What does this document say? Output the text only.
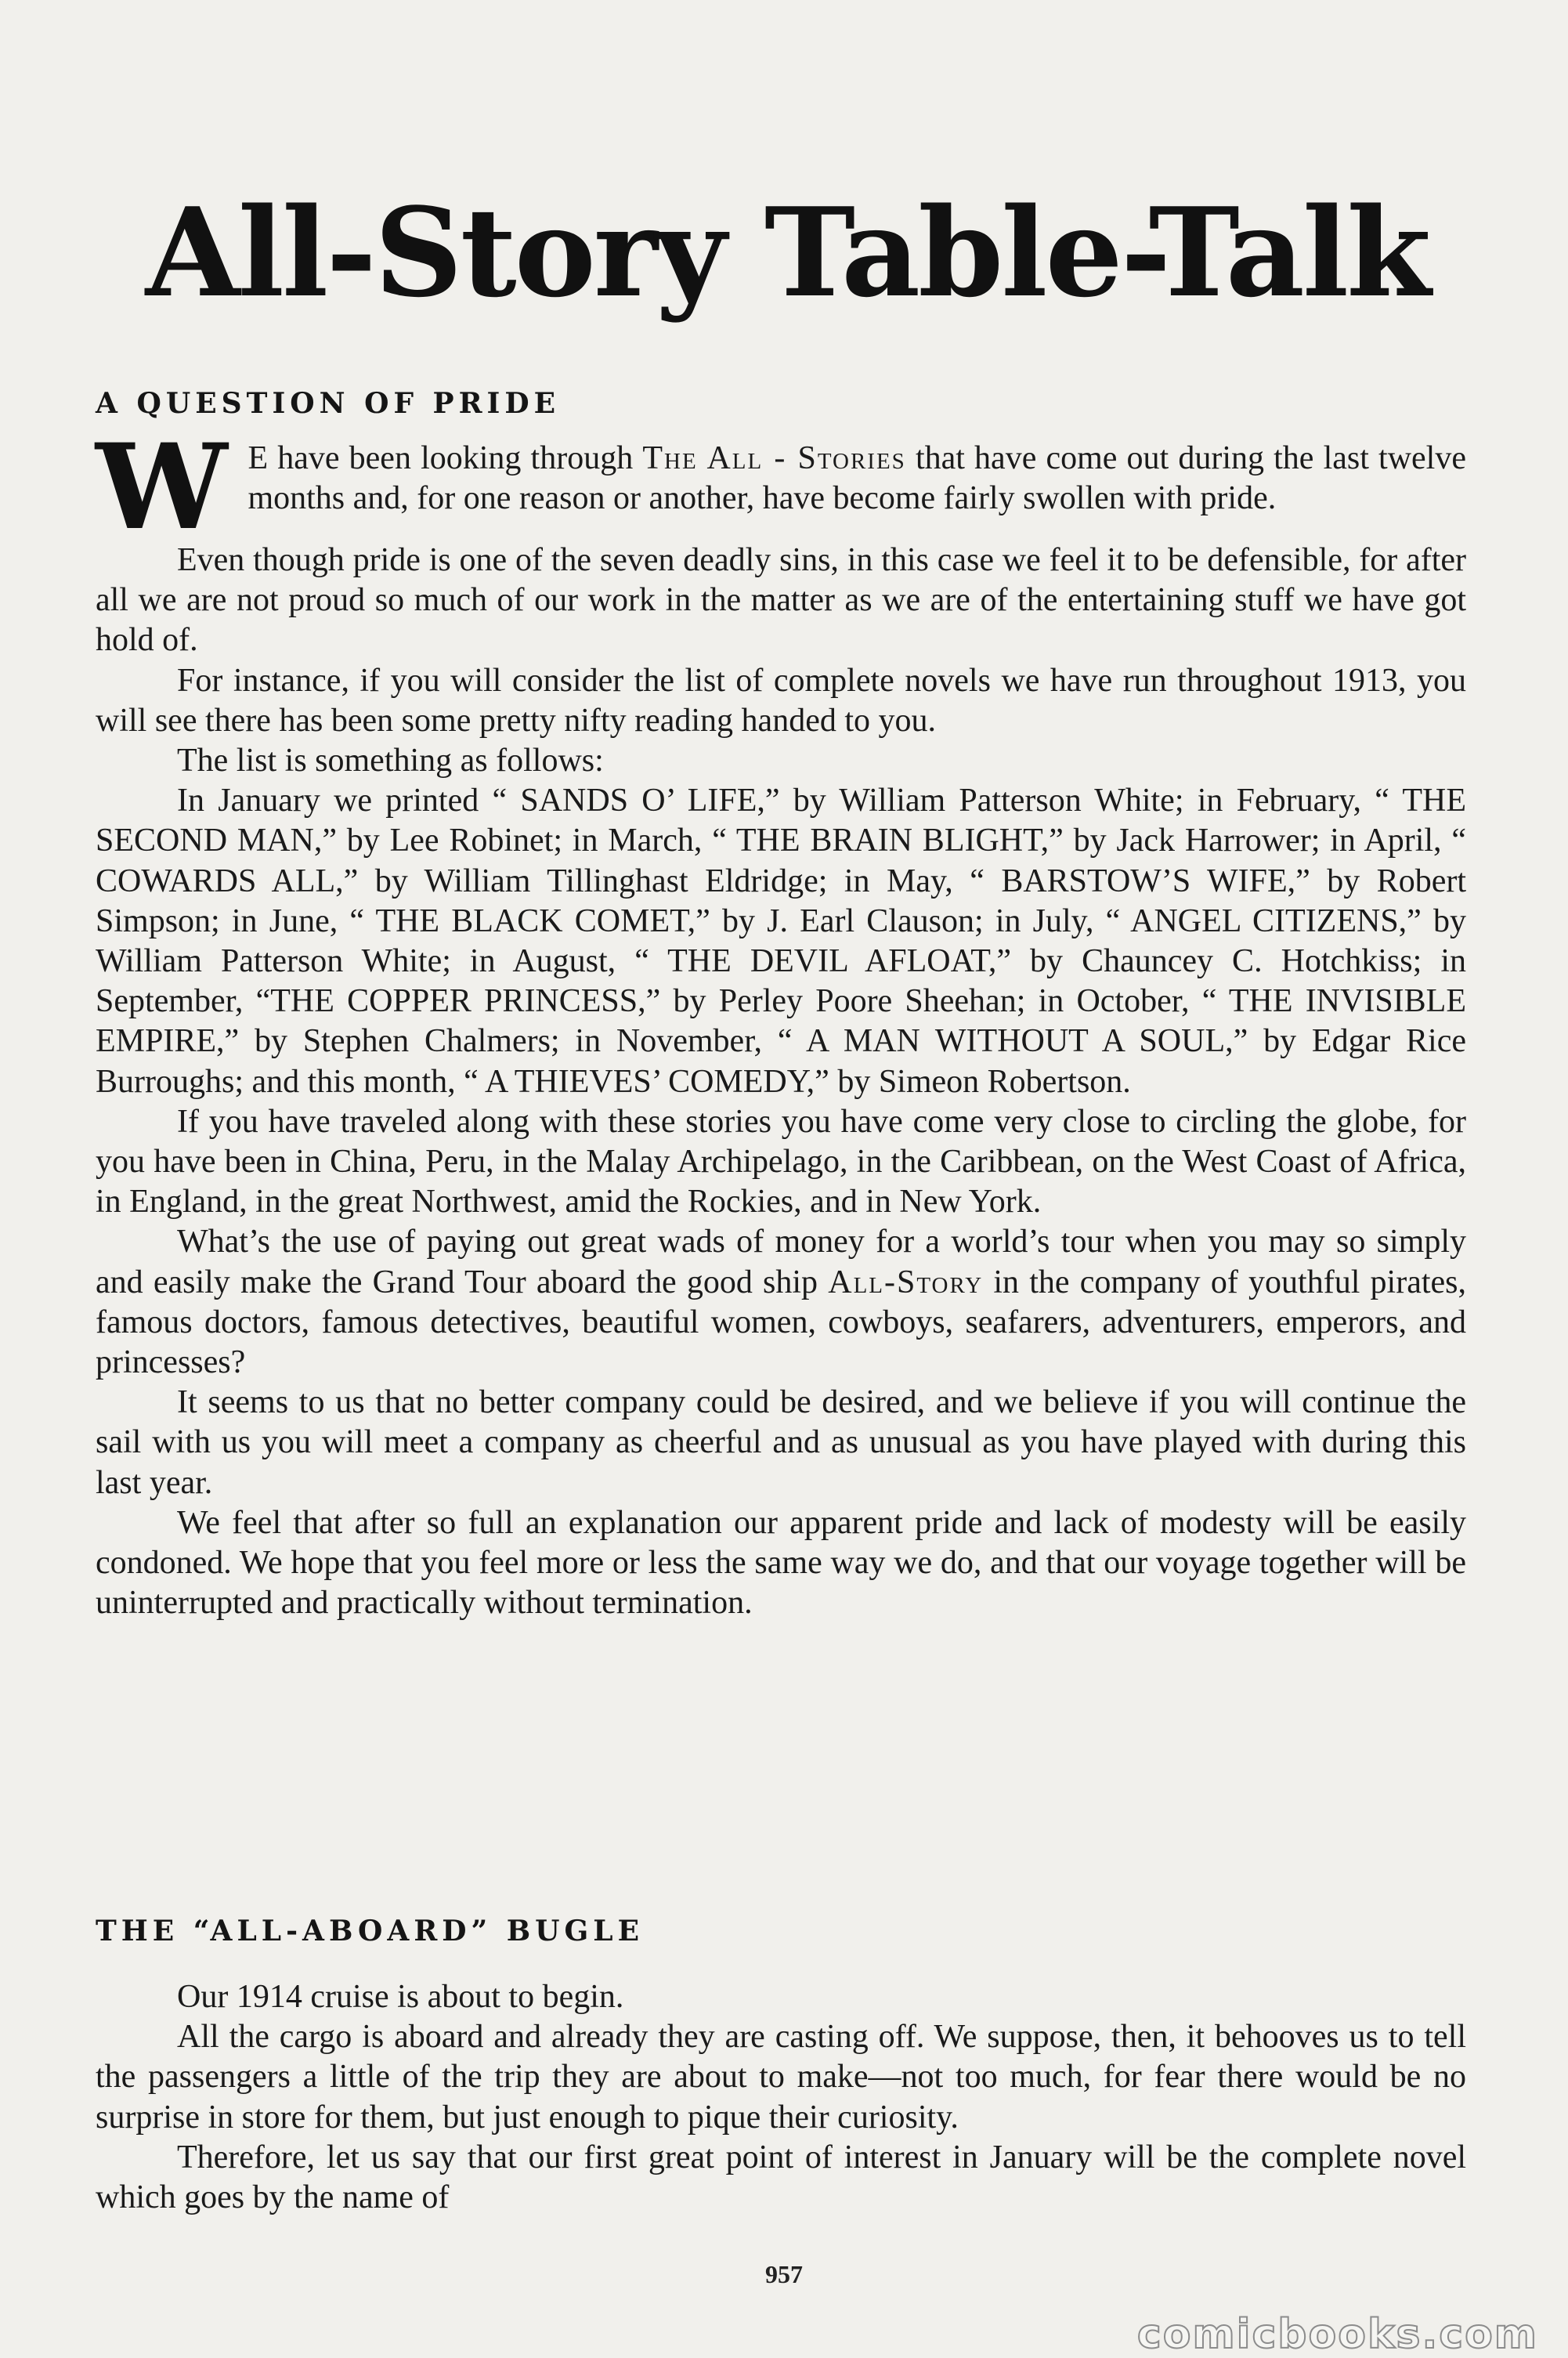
All-Story Table-Talk
A QUESTION OF PRIDE

W E have been looking through The All - Stories that have come out during the last twelve months and, for one reason or another, have become fairly swollen with pride.

Even though pride is one of the seven deadly sins, in this case we feel it to be defensible, for after all we are not proud so much of our work in the matter as we are of the entertaining stuff we have got hold of.

For instance, if you will consider the list of complete novels we have run throughout 1913, you will see there has been some pretty nifty reading handed to you.

The list is something as follows:

In January we printed “ SANDS O’ LIFE,” by William Patterson White; in February, “ THE SECOND MAN,” by Lee Robinet; in March, “ THE BRAIN BLIGHT,” by Jack Harrower; in April, “ COWARDS ALL,” by William Tillinghast Eldridge; in May, “ BARSTOW’S WIFE,” by Robert Simpson; in June, “ THE BLACK COMET,” by J. Earl Clauson; in July, “ ANGEL CITIZENS,” by William Patterson White; in August, “ THE DEVIL AFLOAT,” by Chauncey C. Hotchkiss; in September, “THE COPPER PRINCESS,” by Perley Poore Sheehan; in October, “ THE INVISIBLE EMPIRE,” by Stephen Chalmers; in November, “ A MAN WITHOUT A SOUL,” by Edgar Rice Burroughs; and this month, “ A THIEVES’ COMEDY,” by Simeon Robertson.

If you have traveled along with these stories you have come very close to circling the globe, for you have been in China, Peru, in the Malay Archipelago, in the Caribbean, on the West Coast of Africa, in England, in the great Northwest, amid the Rockies, and in New York.

What’s the use of paying out great wads of money for a world’s tour when you may so simply and easily make the Grand Tour aboard the good ship All-Story in the company of youthful pirates, famous doctors, famous detectives, beautiful women, cowboys, seafarers, adventurers, emperors, and princesses?

It seems to us that no better company could be desired, and we believe if you will continue the sail with us you will meet a company as cheerful and as unusual as you have played with during this last year.

We feel that after so full an explanation our apparent pride and lack of modesty will be easily condoned. We hope that you feel more or less the same way we do, and that our voyage together will be uninterrupted and practically without termination.

THE “ALL-ABOARD” BUGLE

Our 1914 cruise is about to begin.

All the cargo is aboard and already they are casting off. We suppose, then, it behooves us to tell the passengers a little of the trip they are about to make—not too much, for fear there would be no surprise in store for them, but just enough to pique their curiosity.

Therefore, let us say that our first great point of interest in January will be the complete novel which goes by the name of

957

comicbooks.com
